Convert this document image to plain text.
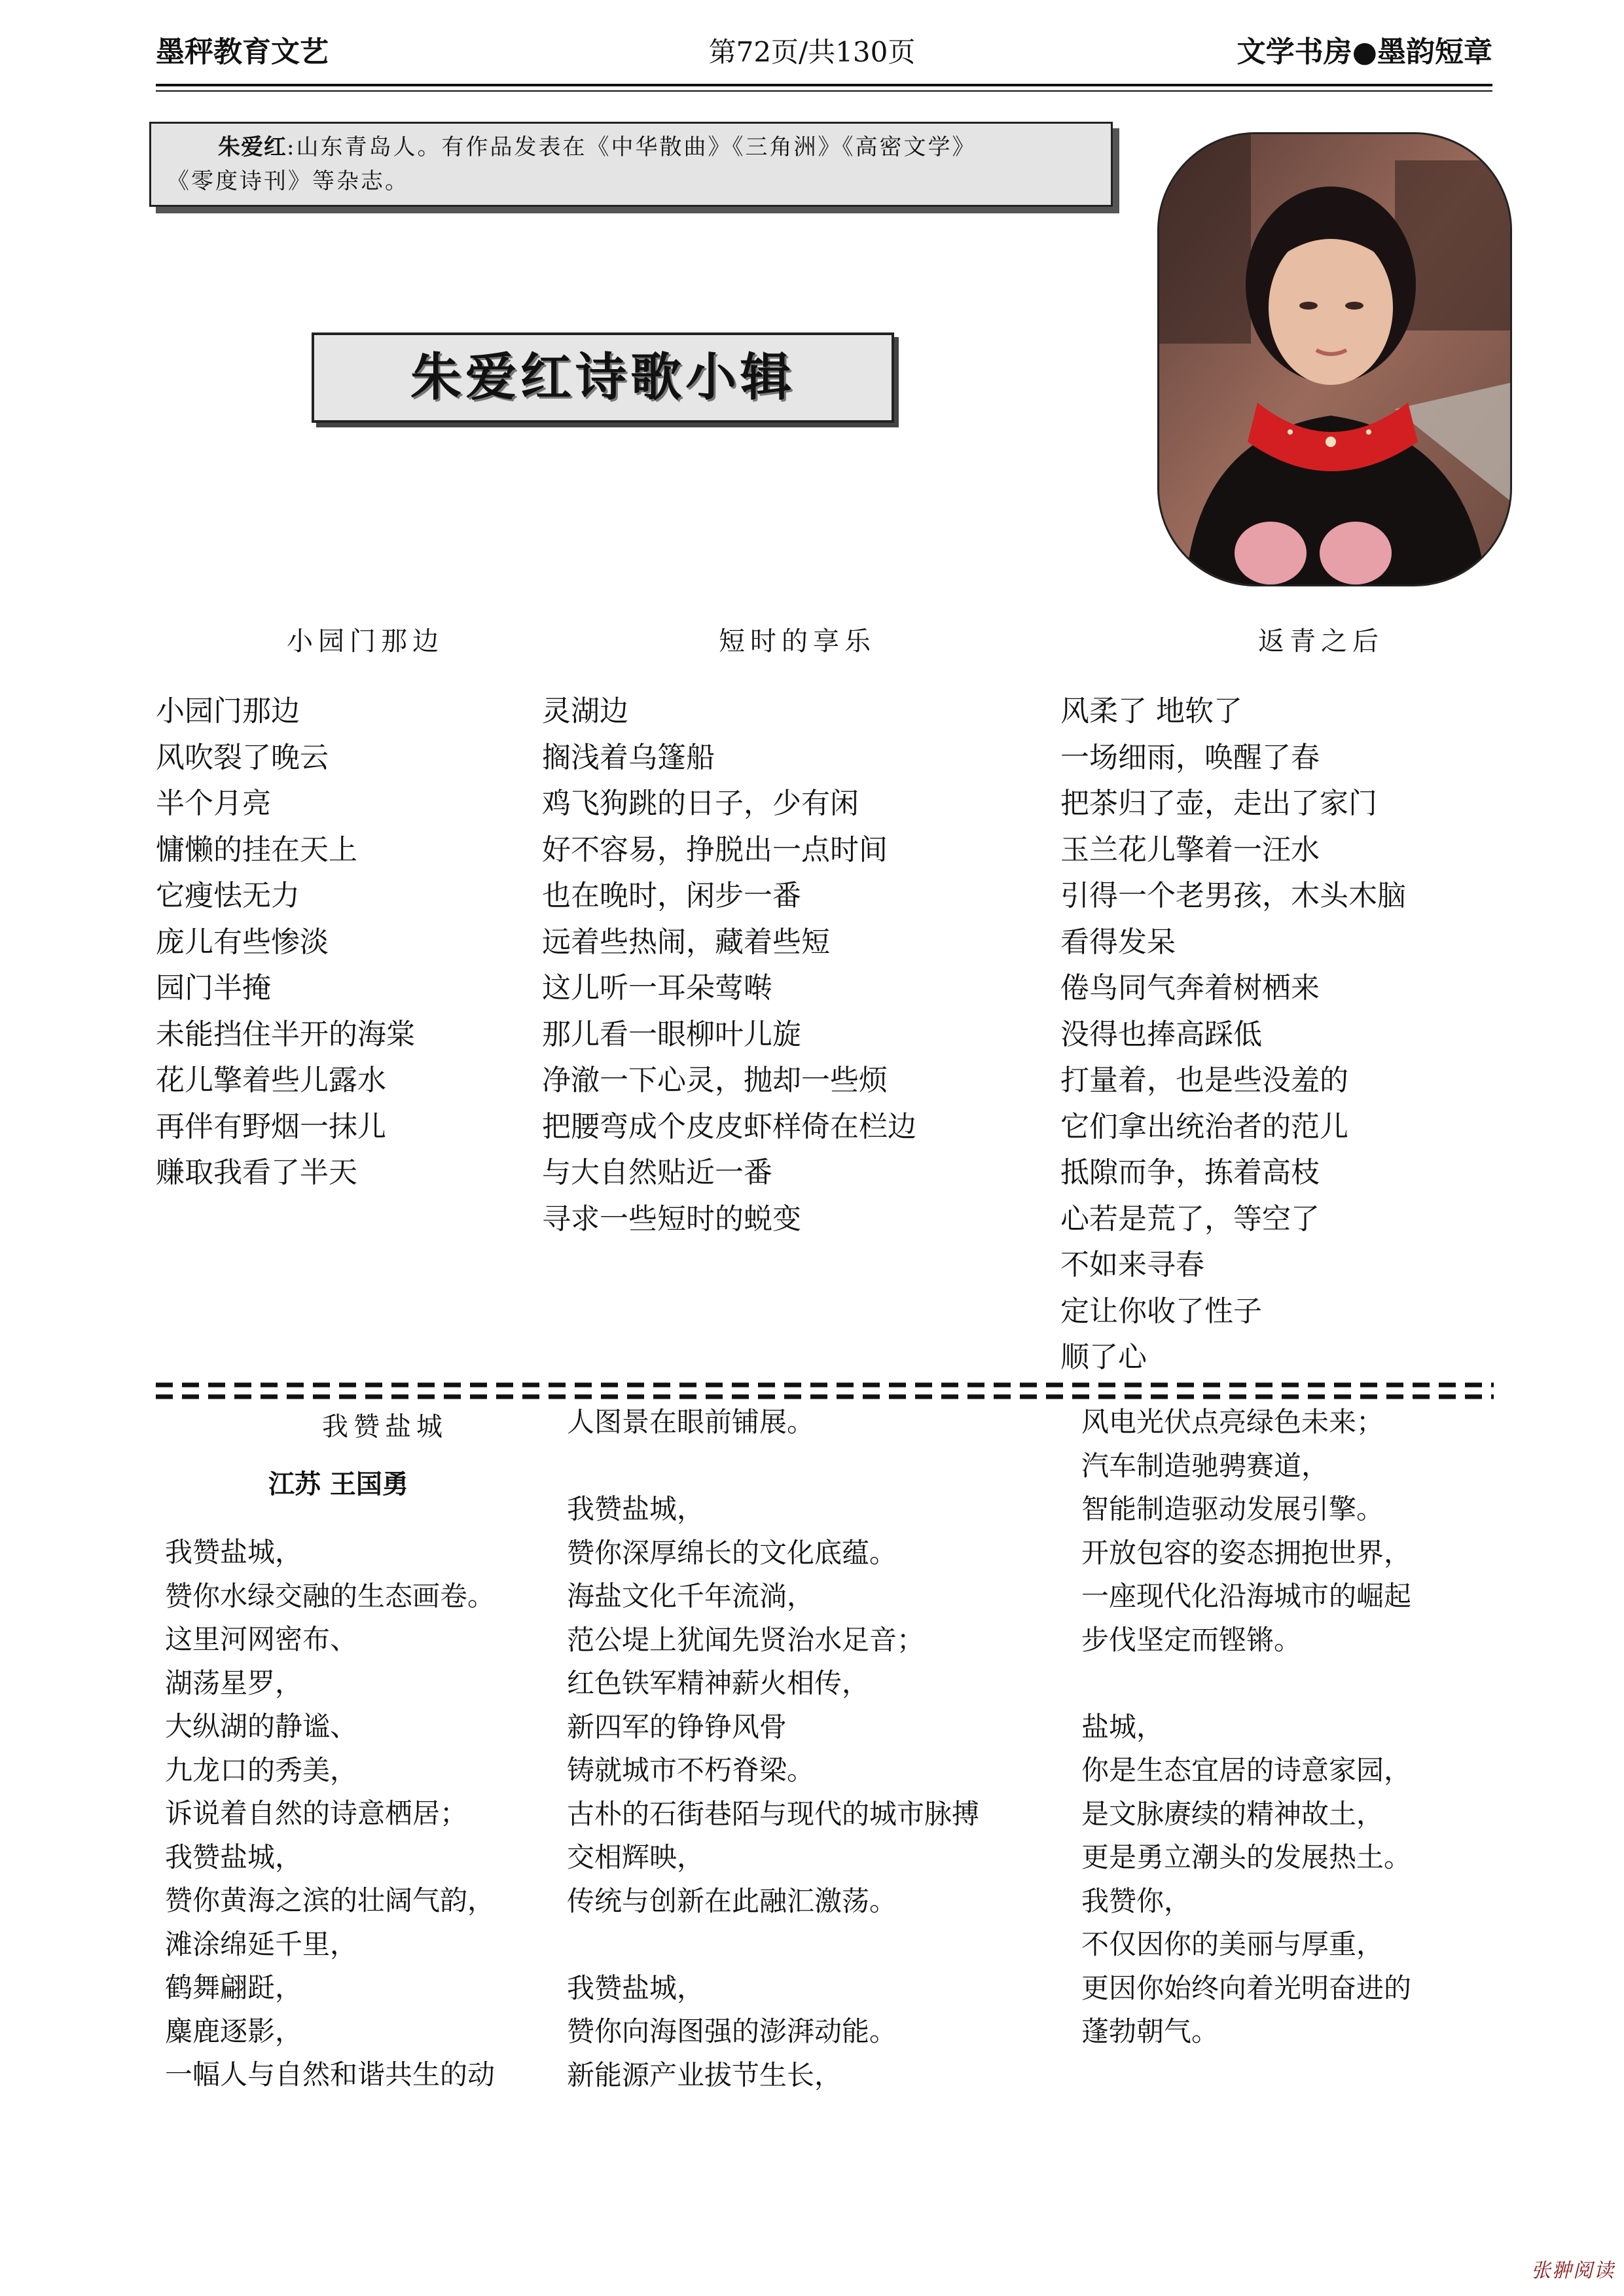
墨秤教育文艺	第72页/共130页	文学书房●墨韵短章
朱爱红:山东青岛人。有作品发表在《中华散曲》《三角洲》《高密文学》
《零度诗刊》等杂志。
朱爱红诗歌小辑
小园门那边
小园门那边
风吹裂了晚云
半个月亮
慵懒的挂在天上
它瘦怯无力
庞儿有些惨淡
园门半掩
未能挡住半开的海棠
花儿擎着些儿露水
再伴有野烟一抹儿
赚取我看了半天
短时的享乐
灵湖边
搁浅着乌篷船
鸡飞狗跳的日子，少有闲
好不容易，挣脱出一点时间
也在晚时，闲步一番
远着些热闹，藏着些短
这儿听一耳朵莺啭
那儿看一眼柳叶儿旋
净澈一下心灵，抛却一些烦
把腰弯成个皮皮虾样倚在栏边
与大自然贴近一番
寻求一些短时的蜕变
返青之后
风柔了 地软了
一场细雨，唤醒了春
把茶归了壶，走出了家门
玉兰花儿擎着一汪水
引得一个老男孩，木头木脑
看得发呆
倦鸟同气奔着树栖来
没得也捧高踩低
打量着，也是些没羞的
它们拿出统治者的范儿
抵隙而争，拣着高枝
心若是荒了，等空了
不如来寻春
定让你收了性子
顺了心
我赞盐城
江苏 王国勇
我赞盐城，
赞你水绿交融的生态画卷。
这里河网密布、
湖荡星罗，
大纵湖的静谧、
九龙口的秀美，
诉说着自然的诗意栖居；
我赞盐城，
赞你黄海之滨的壮阔气韵，
滩涂绵延千里，
鹤舞翩跹，
麋鹿逐影，
一幅人与自然和谐共生的动
人图景在眼前铺展。
我赞盐城，
赞你深厚绵长的文化底蕴。
海盐文化千年流淌，
范公堤上犹闻先贤治水足音；
红色铁军精神薪火相传，
新四军的铮铮风骨
铸就城市不朽脊梁。
古朴的石街巷陌与现代的城市脉搏
交相辉映，
传统与创新在此融汇激荡。
我赞盐城，
赞你向海图强的澎湃动能。
新能源产业拔节生长，
风电光伏点亮绿色未来；
汽车制造驰骋赛道，
智能制造驱动发展引擎。
开放包容的姿态拥抱世界，
一座现代化沿海城市的崛起
步伐坚定而铿锵。
盐城，
你是生态宜居的诗意家园，
是文脉赓续的精神故土，
更是勇立潮头的发展热土。
我赞你，
不仅因你的美丽与厚重，
更因你始终向着光明奋进的
蓬勃朝气。
张翀阅读
